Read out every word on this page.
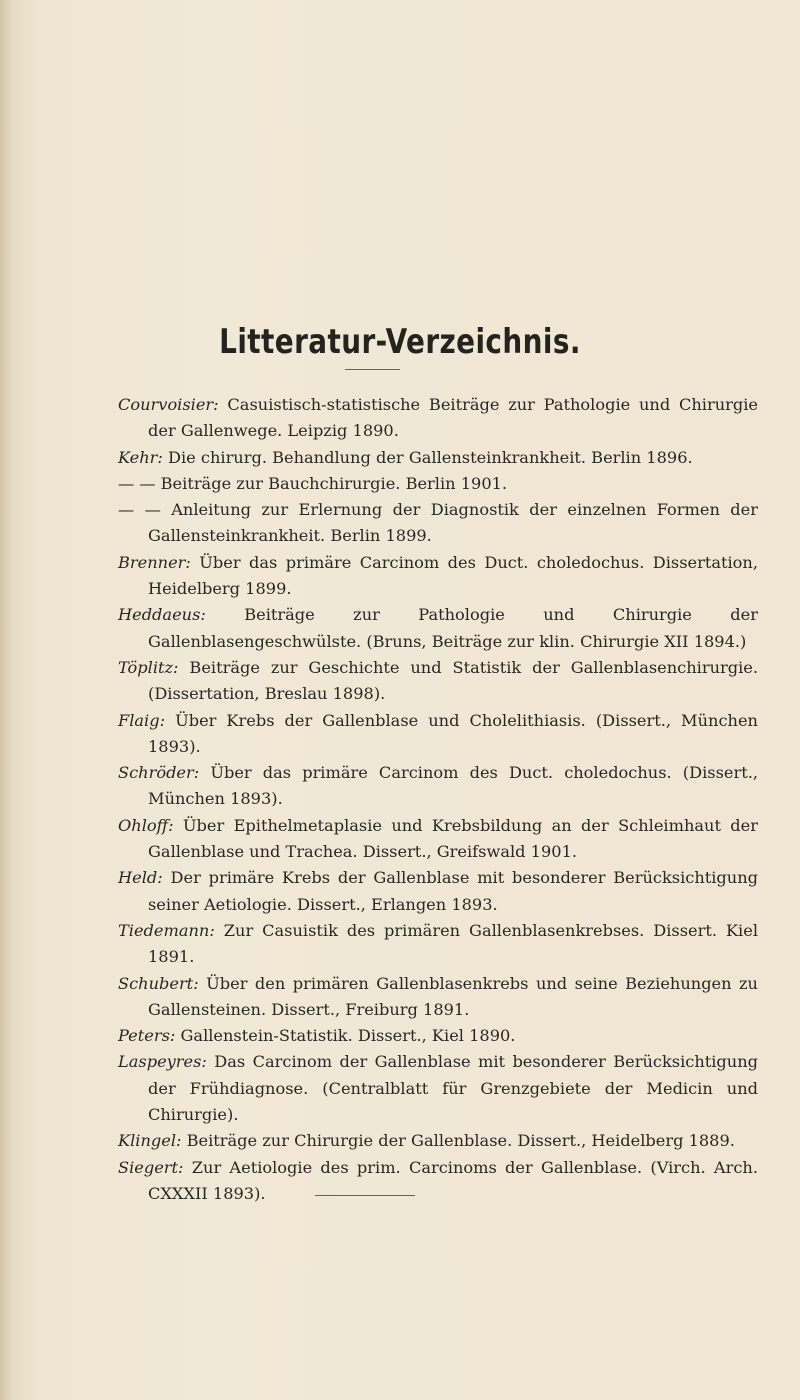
Litteratur-Verzeichnis.
Courvoisier: Casuistisch-statistische Beiträge zur Pathologie und Chirurgie der Gallenwege. Leipzig 1890.
Kehr: Die chirurg. Behandlung der Gallensteinkrankheit. Berlin 1896.
— — Beiträge zur Bauchchirurgie. Berlin 1901.
— — Anleitung zur Erlernung der Diagnostik der einzelnen Formen der Gallensteinkrankheit. Berlin 1899.
Brenner: Über das primäre Carcinom des Duct. choledochus. Dissertation, Heidelberg 1899.
Heddaeus: Beiträge zur Pathologie und Chirurgie der Gallenblasengeschwülste. (Bruns, Beiträge zur klin. Chirurgie XII 1894.)
Töplitz: Beiträge zur Geschichte und Statistik der Gallenblasenchirurgie. (Dissertation, Breslau 1898).
Flaig: Über Krebs der Gallenblase und Cholelithiasis. (Dissert., München 1893).
Schröder: Über das primäre Carcinom des Duct. choledochus. (Dissert., München 1893).
Ohloff: Über Epithelmetaplasie und Krebsbildung an der Schleimhaut der Gallenblase und Trachea. Dissert., Greifswald 1901.
Held: Der primäre Krebs der Gallenblase mit besonderer Berücksichtigung seiner Aetiologie. Dissert., Erlangen 1893.
Tiedemann: Zur Casuistik des primären Gallenblasenkrebses. Dissert. Kiel 1891.
Schubert: Über den primären Gallenblasenkrebs und seine Beziehungen zu Gallensteinen. Dissert., Freiburg 1891.
Peters: Gallenstein-Statistik. Dissert., Kiel 1890.
Laspeyres: Das Carcinom der Gallenblase mit besonderer Berücksichtigung der Frühdiagnose. (Centralblatt für Grenzgebiete der Medicin und Chirurgie).
Klingel: Beiträge zur Chirurgie der Gallenblase. Dissert., Heidelberg 1889.
Siegert: Zur Aetiologie des prim. Carcinoms der Gallenblase. (Virch. Arch. CXXXII 1893).
